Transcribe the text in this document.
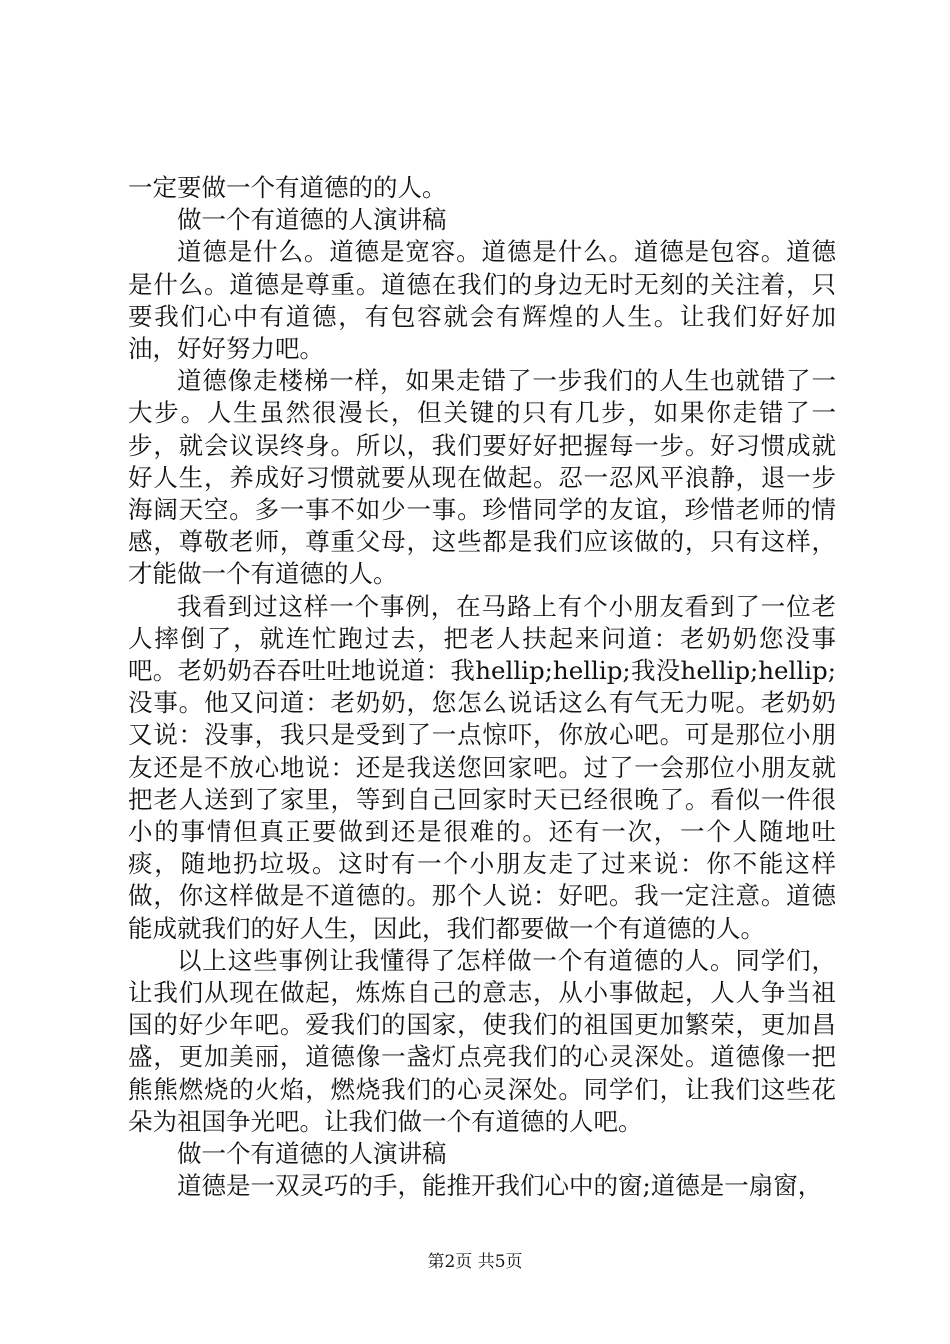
一定要做一个有道德的的人。

做一个有道德的人演讲稿

道德是什么。道德是宽容。道德是什么。道德是包容。道德是什么。道德是尊重。道德在我们的身边无时无刻的关注着，只要我们心中有道德，有包容就会有辉煌的人生。让我们好好加油，好好努力吧。

道德像走楼梯一样，如果走错了一步我们的人生也就错了一大步。人生虽然很漫长，但关键的只有几步，如果你走错了一步，就会议误终身。所以，我们要好好把握每一步。好习惯成就好人生，养成好习惯就要从现在做起。忍一忍风平浪静，退一步海阔天空。多一事不如少一事。珍惜同学的友谊，珍惜老师的情感，尊敬老师，尊重父母，这些都是我们应该做的，只有这样，才能做一个有道德的人。

我看到过这样一个事例，在马路上有个小朋友看到了一位老人摔倒了，就连忙跑过去，把老人扶起来问道：老奶奶您没事吧。老奶奶吞吞吐吐地说道：我hellip;hellip;我没hellip;hellip;没事。他又问道：老奶奶，您怎么说话这么有气无力呢。老奶奶又说：没事，我只是受到了一点惊吓，你放心吧。可是那位小朋友还是不放心地说：还是我送您回家吧。过了一会那位小朋友就把老人送到了家里，等到自己回家时天已经很晚了。看似一件很小的事情但真正要做到还是很难的。还有一次，一个人随地吐痰，随地扔垃圾。这时有一个小朋友走了过来说：你不能这样做，你这样做是不道德的。那个人说：好吧。我一定注意。道德能成就我们的好人生，因此，我们都要做一个有道德的人。

以上这些事例让我懂得了怎样做一个有道德的人。同学们，让我们从现在做起，炼炼自己的意志，从小事做起，人人争当祖国的好少年吧。爱我们的国家，使我们的祖国更加繁荣，更加昌盛，更加美丽，道德像一盏灯点亮我们的心灵深处。道德像一把熊熊燃烧的火焰，燃烧我们的心灵深处。同学们，让我们这些花朵为祖国争光吧。让我们做一个有道德的人吧。

做一个有道德的人演讲稿

道德是一双灵巧的手，能推开我们心中的窗;道德是一扇窗，

第2页 共5页
